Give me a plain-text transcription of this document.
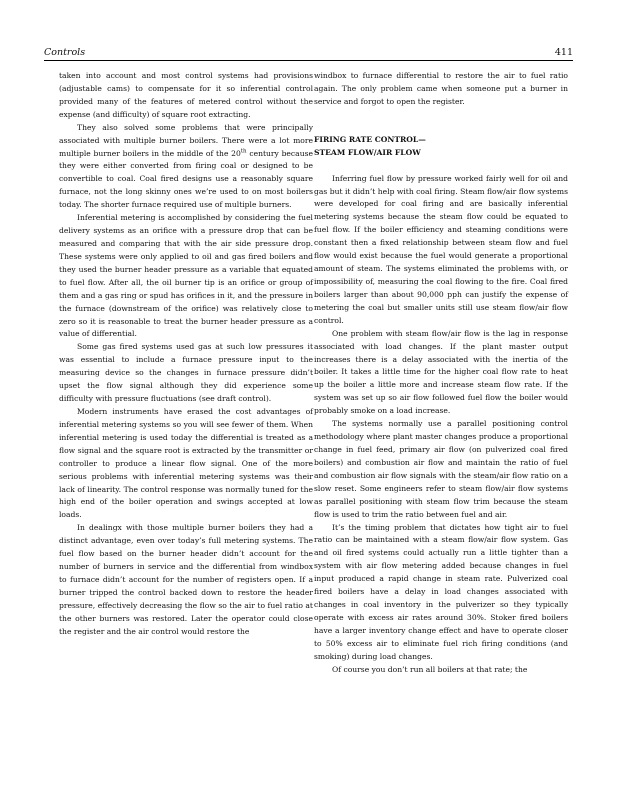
Controls	411

taken into account and most control systems had provisions (adjustable cams) to compensate for it so inferential control provided many of the features of metered control without the expense (and difficulty) of square root extracting.

They also solved some problems that were principally associated with multiple burner boilers. There were a lot more multiple burner boilers in the middle of the 20th century because they were either converted from firing coal or designed to be convertible to coal. Coal fired designs use a reasonably square furnace, not the long skinny ones we’re used to on most boilers today. The shorter furnace required use of multiple burners.

Inferential metering is accomplished by considering the fuel delivery systems as an orifice with a pressure drop that can be measured and comparing that with the air side pressure drop. These systems were only applied to oil and gas fired boilers and they used the burner header pressure as a variable that equated to fuel flow. After all, the oil burner tip is an orifice or group of them and a gas ring or spud has orifices in it, and the pressure in the furnace (downstream of the orifice) was relatively close to zero so it is reasonable to treat the burner header pressure as a value of differential.

Some gas fired systems used gas at such low pressures it was essential to include a furnace pressure input to the measuring device so the changes in furnace pressure didn’t upset the flow signal although they did experience some difficulty with pressure fluctuations (see draft control).

Modern instruments have erased the cost advantages of inferential metering systems so you will see fewer of them. When inferential metering is used today the differential is treated as a flow signal and the square root is extracted by the transmitter or controller to produce a linear flow signal. One of the more serious problems with inferential metering systems was their lack of linearity. The control response was normally tuned for the high end of the boiler operation and swings accepted at low loads.

In dealingx with those multiple burner boilers they had a distinct advantage, even over today’s full metering systems. The fuel flow based on the burner header didn’t account for the number of burners in service and the differential from windbox to furnace didn’t account for the number of registers open. If a burner tripped the control backed down to restore the header pressure, effectively decreasing the flow so the air to fuel ratio at the other burners was restored. Later the operator could close the register and the air control would restore the

windbox to furnace differential to restore the air to fuel ratio again. The only problem came when someone put a burner in service and forgot to open the register.

FIRING RATE CONTROL—
STEAM FLOW/AIR FLOW

Inferring fuel flow by pressure worked fairly well for oil and gas but it didn’t help with coal firing. Steam flow/air flow systems were developed for coal firing and are basically inferential metering systems because the steam flow could be equated to fuel flow. If the boiler efficiency and steaming conditions were constant then a fixed relationship between steam flow and fuel flow would exist because the fuel would generate a proportional amount of steam. The systems eliminated the problems with, or impossibility of, measuring the coal flowing to the fire. Coal fired boilers larger than about 90,000 pph can justify the expense of metering the coal but smaller units still use steam flow/air flow control.

One problem with steam flow/air flow is the lag in response associated with load changes. If the plant master output increases there is a delay associated with the inertia of the boiler. It takes a little time for the higher coal flow rate to heat up the boiler a little more and increase steam flow rate. If the system was set up so air flow followed fuel flow the boiler would probably smoke on a load increase.

The systems normally use a parallel positioning control methodology where plant master changes produce a proportional change in fuel feed, primary air flow (on pulverized coal fired boilers) and combustion air flow and maintain the ratio of fuel and combustion air flow signals with the steam/air flow ratio on a slow reset. Some engineers refer to steam flow/air flow systems as parallel positioning with steam flow trim because the steam flow is used to trim the ratio between fuel and air.

It’s the timing problem that dictates how tight air to fuel ratio can be maintained with a steam flow/air flow system. Gas and oil fired systems could actually run a little tighter than a system with air flow metering added because changes in fuel input produced a rapid change in steam rate. Pulverized coal fired boilers have a delay in load changes associated with changes in coal inventory in the pulverizer so they typically operate with excess air rates around 30%. Stoker fired boilers have a larger inventory change effect and have to operate closer to 50% excess air to eliminate fuel rich firing conditions (and smoking) during load changes.

Of course you don’t run all boilers at that rate; the
